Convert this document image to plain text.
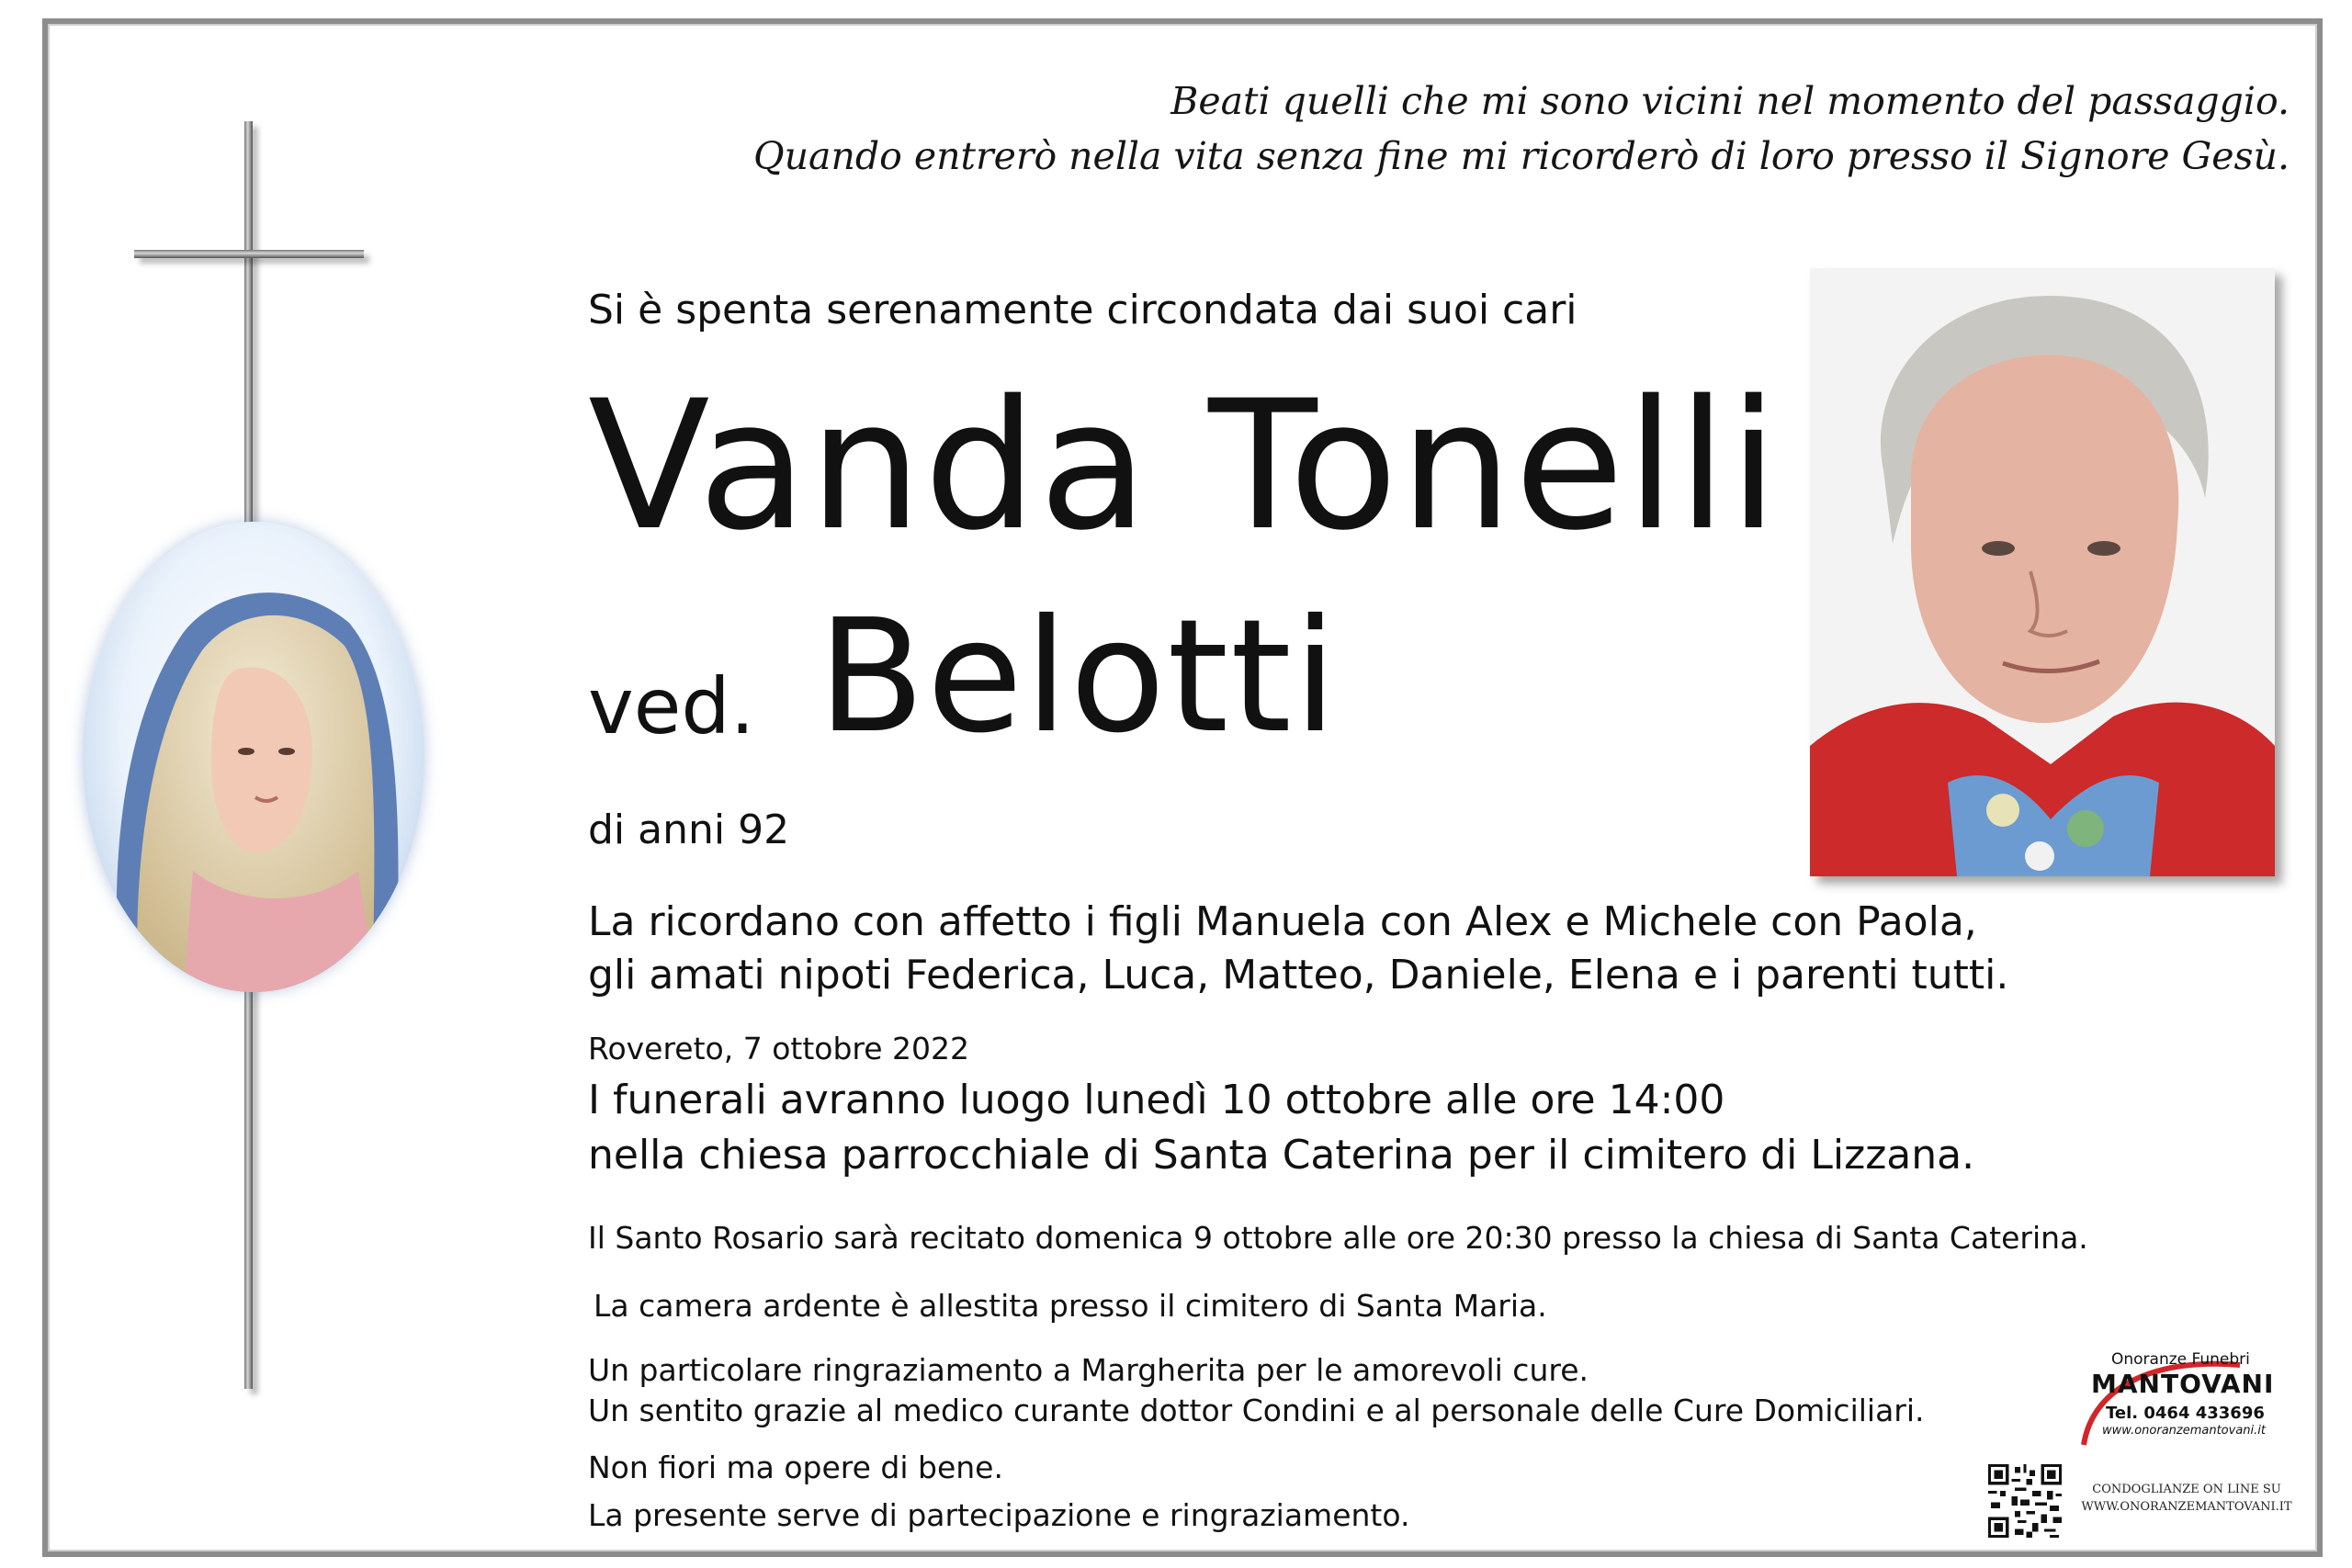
Beati quelli che mi sono vicini nel momento del passaggio.
Quando entrerò nella vita senza fine mi ricorderò di loro presso il Signore Gesù.
Si è spenta serenamente circondata dai suoi cari
Vanda Tonelli
ved. Belotti
di anni 92
La ricordano con affetto i figli Manuela con Alex e Michele con Paola,
gli amati nipoti Federica, Luca, Matteo, Daniele, Elena e i parenti tutti.
Rovereto, 7 ottobre 2022
I funerali avranno luogo lunedì 10 ottobre alle ore 14:00
nella chiesa parrocchiale di Santa Caterina per il cimitero di Lizzana.
Il Santo Rosario sarà recitato domenica 9 ottobre alle ore 20:30 presso la chiesa di Santa Caterina.
La camera ardente è allestita presso il cimitero di Santa Maria.
Un particolare ringraziamento a Margherita per le amorevoli cure.
Un sentito grazie al medico curante dottor Condini e al personale delle Cure Domiciliari.
Non fiori ma opere di bene.
La presente serve di partecipazione e ringraziamento.
Onoranze Funebri
MANTOVANI
Tel. 0464 433696
www.onoranzemantovani.it
CONDOGLIANZE ON LINE SU
WWW.ONORANZEMANTOVANI.IT
